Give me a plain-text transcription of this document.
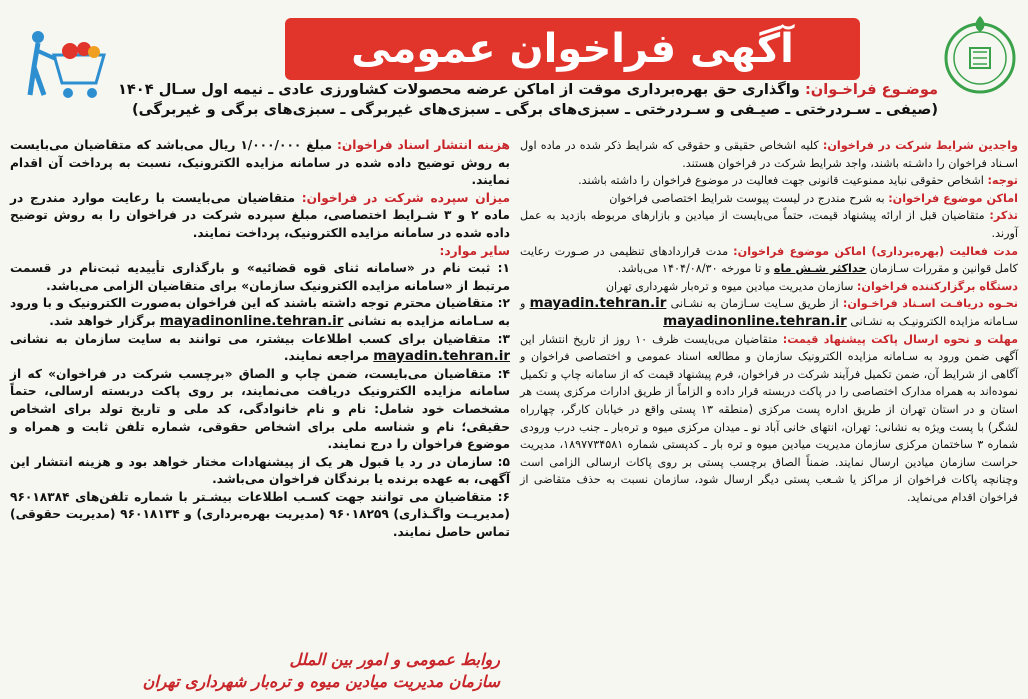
آگهی فراخوان عمومی
موضـوع فراخـوان: واگذاری حق بهره‌برداری موقت از اماکن عرضه محصولات کشاورزی عادی ـ نیمه اول سـال ۱۴۰۴ (صیفی ـ سـردرختی ـ صیـفی و سـردرختی ـ سبزی‌های برگی ـ سبزی‌های غیربرگی ـ سبزی‌های برگی و غیربرگی)

واجدین شرایط شرکت در فراخوان: کلیه اشخاص حقیقی و حقوقی که شرایط ذکر شده در ماده اول اسـناد فراخوان را داشـته باشند، واجد شرایط شرکت در فراخوان هستند.

توجه: اشخاص حقوقی نباید ممنوعیت قانونی جهت فعالیت در موضوع فراخوان را داشته باشند.

اماکن موضوع فراخوان: به شرح مندرج در لیست پیوست شرایط اختصاصی فراخوان

تذکر: متقاضیان قبل از ارائه پیشنهاد قیمت، حتماً می‌بایست از میادین و بازارهای مربوطه بازدید به عمل آورند.

مدت فعالیت (بهره‌برداری) اماکن موضوع فراخوان: مدت قراردادهای تنظیمی در صـورت رعایت کامل قوانین و مقررات سـازمان حداکثر شـش ماه و تا مورخه ۱۴۰۴/۰۸/۳۰ می‌باشد.

دستگاه برگزارکننده فراخوان: سازمان مدیریت میادین میوه و تره‌بار شهرداری تهران

نحـوه دریافـت اسـناد فراخـوان: از طریق سـایت سـازمان به نشـانی mayadin.tehran.ir و سـامانه مزایده الکترونیـک به نشـانی mayadinonline.tehran.ir

مهلت و نحوه ارسال پاکت پیشنهاد قیمت: متقاضیان می‌بایست ظرف ۱۰ روز از تاریخ انتشار این آگهی ضمن ورود به سـامانه مزایده الکترونیک سازمان و مطالعه اسناد عمومی و اختصاصی فراخوان و آگاهی از شرایط آن، ضمن تکمیل فرآیند شرکت در فراخوان، فرم پیشنهاد قیمت که از سامانه چاپ و تکمیل نموده‌اند به همراه مدارک اختصاصی را در پاکت دربسته قرار داده و الزاماً از طریق ادارات مرکزی پست هر استان و در استان تهران از طریق اداره پست مرکزی (منطقه ۱۳ پستی واقع در خیابان کارگر، چهارراه لشگر) با پست ویژه به نشانی: تهران، انتهای خانی آباد نو ـ میدان مرکزی میوه و تره‌بار ـ جنب درب ورودی شماره ۳ ساختمان مرکزی سازمان مدیریت میادین میوه و تره بار ـ کدپستی شماره ۱۸۹۷۷۳۴۵۸۱، مدیریت حراست سازمان میادین ارسال نمایند. ضمناً الصاق برچسب پستی بر روی پاکات ارسالی الزامی است وچنانچه پاکات فراخوان از مراکز یا شـعب پستی دیگر ارسال شود، سازمان نسبت به حذف متقاضی از فراخوان اقدام می‌نماید.

هزینه انتشار اسناد فراخوان: مبلغ ۱/۰۰۰/۰۰۰ ریال می‌باشد که متقاضیان می‌بایست به روش توضیح داده شده در سامانه مزایده الکترونیک، نسبت به پرداخت آن اقدام نمایند.

میزان سپرده شرکت در فراخوان: متقاضیان می‌بایست با رعایت موارد مندرج در ماده ۲ و ۳ شـرایط اختصاصی، مبلغ سپرده شرکت در فراخوان را به روش توضیح داده شده در سامانه مزایده الکترونیک، پرداخت نمایند.

سایر موارد:

۱: ثبت نام در «سامانه ثنای قوه قضائیه» و بارگذاری تأییدیه ثبت‌نام در قسمت مرتبط از «سامانه مزایده الکترونیک سازمان» برای متقاضیان الزامی می‌باشد.

۲: متقاضیان محترم توجه داشته باشند که این فراخوان به‌صورت الکترونیک و با ورود به سـامانه مزایده به نشانی mayadinonline.tehran.ir برگزار خواهد شد.

۳: متقاضیان برای کسب اطلاعات بیشتر، می توانند به سایت سازمان به نشانی mayadin.tehran.ir مراجعه نمایند.

۴: متقاضیان می‌بایست، ضمن چاپ و الصاق «برچسب شرکت در فراخوان» که از سامانه مزایده الکترونیک دریافت می‌نمایند، بر روی پاکت دربسته ارسالی، حتماً مشخصات خود شامل: نام و نام خانوادگی، کد ملی و تاریخ تولد برای اشخاص حقیقی؛ نام و شناسه ملی برای اشخاص حقوقی، شماره تلفن ثابت و همراه و موضوع فراخوان را درج نمایند.

۵: سازمان در رد یا قبول هر یک از پیشنهادات مختار خواهد بود و هزینه انتشار این آگهی، به عهده برنده یا برندگان فراخوان می‌باشد.

۶: متقاضیان می توانند جهت کسـب اطلاعات بیشـتر با شماره تلفن‌های ۹۶۰۱۸۳۸۴ (مدیریـت واگـذاری) ۹۶۰۱۸۲۵۹ (مدیریت بهره‌برداری) و ۹۶۰۱۸۱۳۴ (مدیریت حقوقی) تماس حاصل نمایند.

روابط عمومی و امور بین الملل
سازمان مدیریت میادین میوه و تره‌بار شهرداری تهران
